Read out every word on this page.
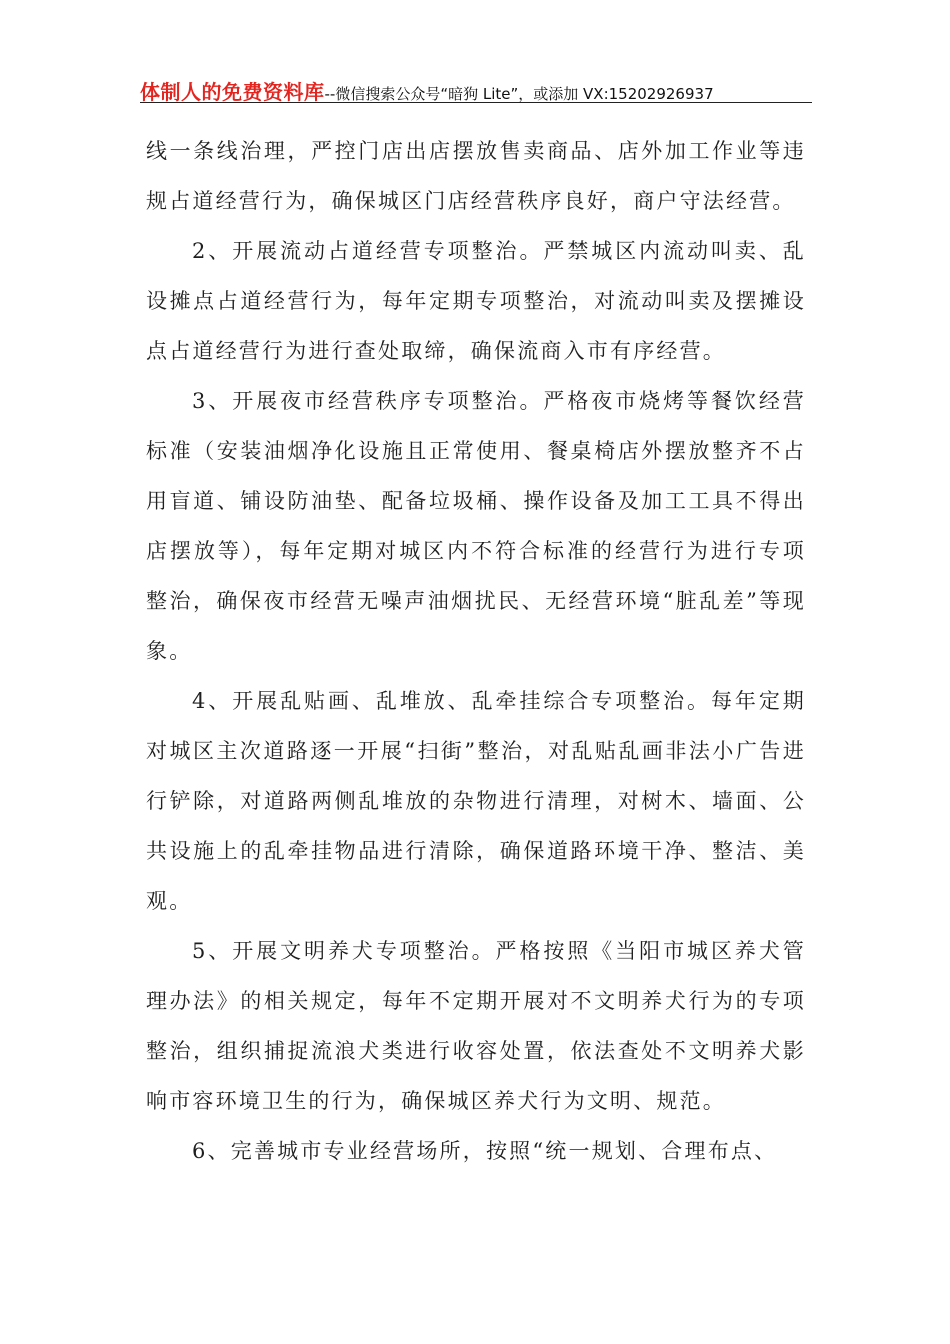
体制人的免费资料库--微信搜索公众号“暗狗 Lite”，或添加 VX:15202926937

线一条线治理，严控门店出店摆放售卖商品、店外加工作业等违规占道经营行为，确保城区门店经营秩序良好，商户守法经营。

2、开展流动占道经营专项整治。严禁城区内流动叫卖、乱设摊点占道经营行为，每年定期专项整治，对流动叫卖及摆摊设点占道经营行为进行查处取缔，确保流商入市有序经营。

3、开展夜市经营秩序专项整治。严格夜市烧烤等餐饮经营标准（安装油烟净化设施且正常使用、餐桌椅店外摆放整齐不占用盲道、铺设防油垫、配备垃圾桶、操作设备及加工工具不得出店摆放等），每年定期对城区内不符合标准的经营行为进行专项整治，确保夜市经营无噪声油烟扰民、无经营环境“脏乱差”等现象。

4、开展乱贴画、乱堆放、乱牵挂综合专项整治。每年定期对城区主次道路逐一开展“扫街”整治，对乱贴乱画非法小广告进行铲除，对道路两侧乱堆放的杂物进行清理，对树木、墙面、公共设施上的乱牵挂物品进行清除，确保道路环境干净、整洁、美观。

5、开展文明养犬专项整治。严格按照《当阳市城区养犬管理办法》的相关规定，每年不定期开展对不文明养犬行为的专项整治，组织捕捉流浪犬类进行收容处置，依法查处不文明养犬影响市容环境卫生的行为，确保城区养犬行为文明、规范。

6、完善城市专业经营场所，按照“统一规划、合理布点、
